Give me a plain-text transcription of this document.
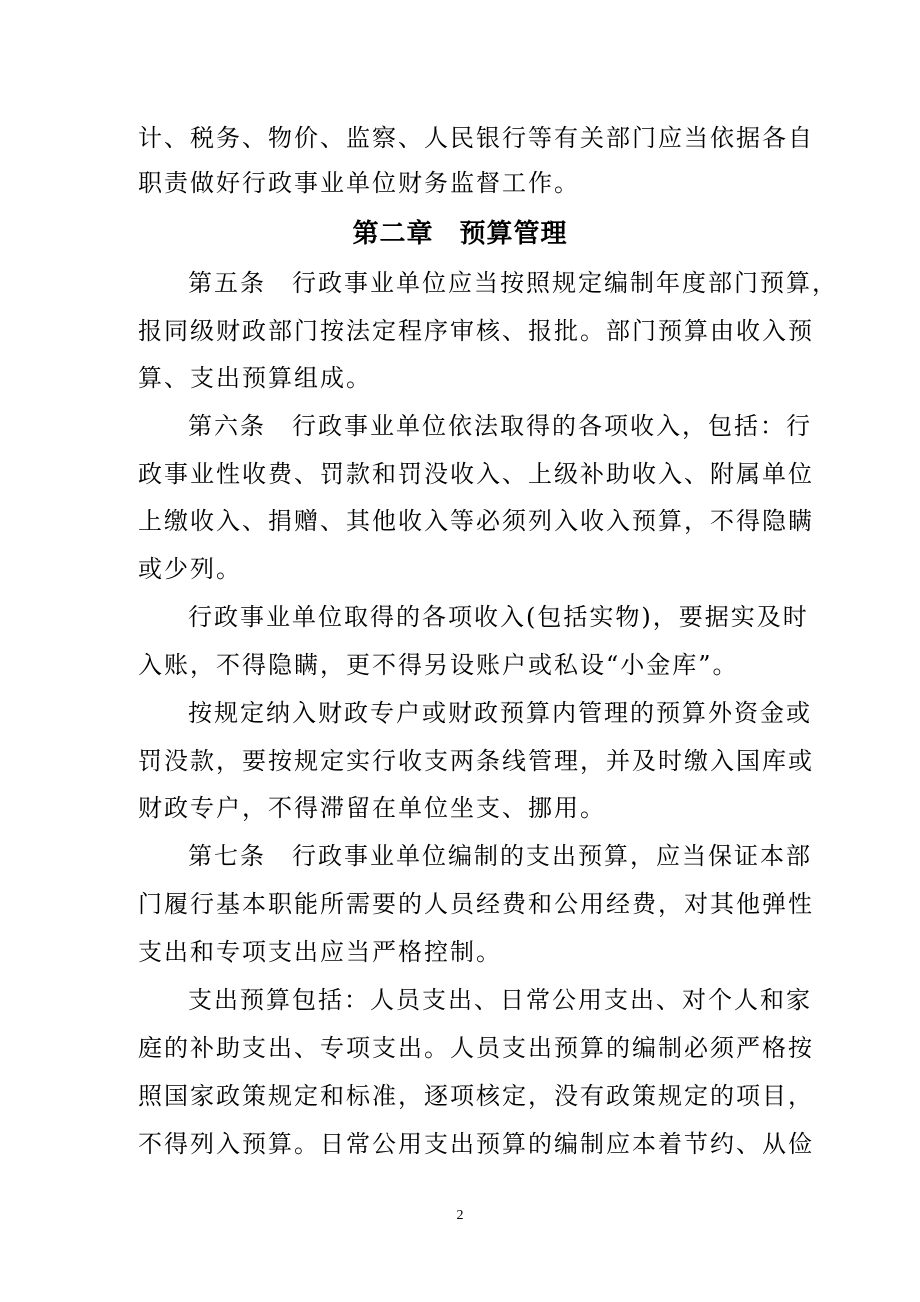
计、税务、物价、监察、人民银行等有关部门应当依据各自
职责做好行政事业单位财务监督工作。
第二章 预算管理
第五条　行政事业单位应当按照规定编制年度部门预算，
报同级财政部门按法定程序审核、报批。部门预算由收入预
算、支出预算组成。
第六条　行政事业单位依法取得的各项收入，包括：行
政事业性收费、罚款和罚没收入、上级补助收入、附属单位
上缴收入、捐赠、其他收入等必须列入收入预算，不得隐瞒
或少列。
行政事业单位取得的各项收入(包括实物)，要据实及时
入账，不得隐瞒，更不得另设账户或私设“小金库”。
按规定纳入财政专户或财政预算内管理的预算外资金或
罚没款，要按规定实行收支两条线管理，并及时缴入国库或
财政专户，不得滞留在单位坐支、挪用。
第七条　行政事业单位编制的支出预算，应当保证本部
门履行基本职能所需要的人员经费和公用经费，对其他弹性
支出和专项支出应当严格控制。
支出预算包括：人员支出、日常公用支出、对个人和家
庭的补助支出、专项支出。人员支出预算的编制必须严格按
照国家政策规定和标准，逐项核定，没有政策规定的项目，
不得列入预算。日常公用支出预算的编制应本着节约、从俭
2
